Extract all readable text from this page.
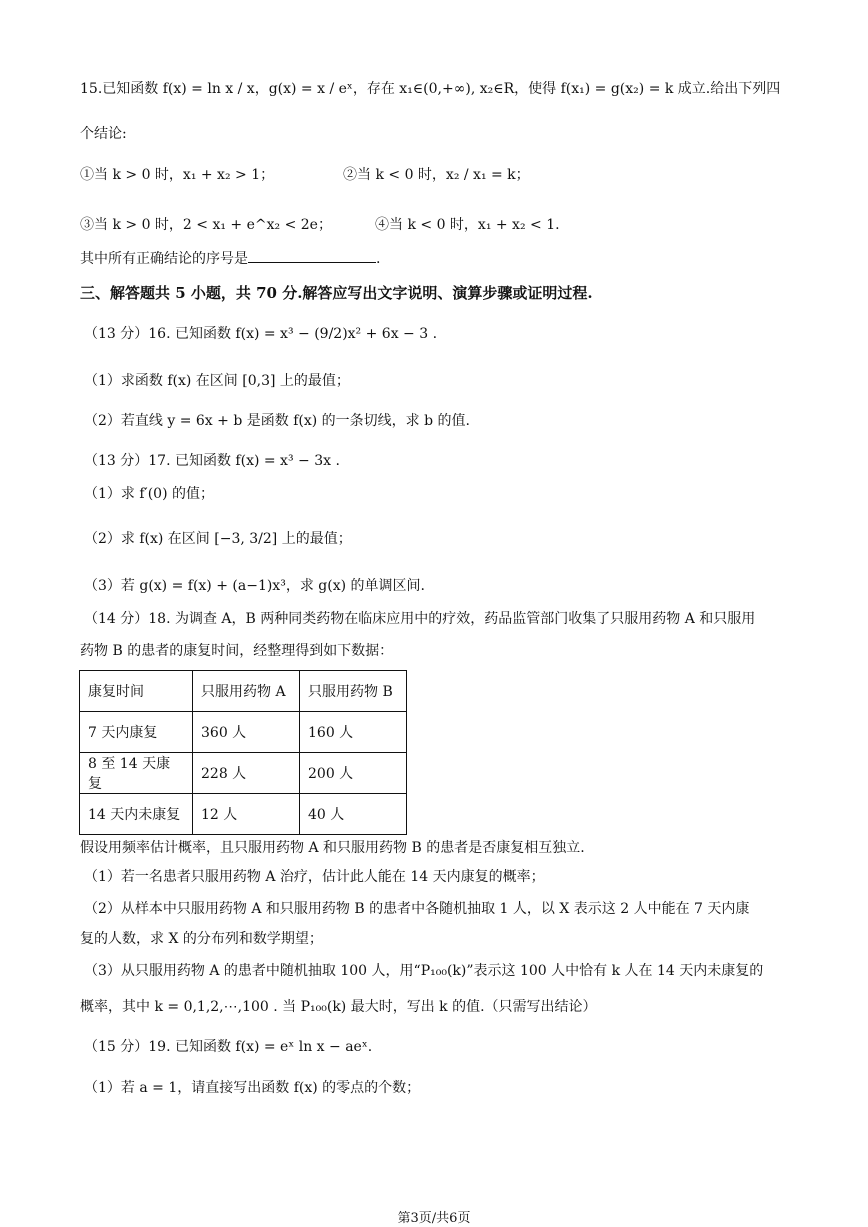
15.已知函数 f(x) = ln x / x，g(x) = x / eˣ，存在 x₁∈(0,+∞), x₂∈R，使得 f(x₁) = g(x₂) = k 成立.给出下列四
个结论:
①当 k > 0 时，x₁ + x₂ > 1；	②当 k < 0 时，x₂ / x₁ = k；
③当 k > 0 时，2 < x₁ + e^x₂ < 2e；	④当 k < 0 时，x₁ + x₂ < 1.
其中所有正确结论的序号是	.
三、解答题共 5 小题，共 70 分.解答应写出文字说明、演算步骤或证明过程.
（13 分）16. 已知函数 f(x) = x³ − (9/2)x² + 6x − 3 .
（1）求函数 f(x) 在区间 [0,3] 上的最值；
（2）若直线 y = 6x + b 是函数 f(x) 的一条切线，求 b 的值.
（13 分）17. 已知函数 f(x) = x³ − 3x .
（1）求 f′(0) 的值；
（2）求 f(x) 在区间 [−3, 3/2] 上的最值；
（3）若 g(x) = f(x) + (a−1)x³，求 g(x) 的单调区间.
（14 分）18. 为调查 A，B 两种同类药物在临床应用中的疗效，药品监管部门收集了只服用药物 A 和只服用
药物 B 的患者的康复时间，经整理得到如下数据：
康复时间	只服用药物 A	只服用药物 B
7 天内康复	360 人	160 人
8 至 14 天康复	228 人	200 人
14 天内未康复	12 人	40 人
假设用频率估计概率，且只服用药物 A 和只服用药物 B 的患者是否康复相互独立.
（1）若一名患者只服用药物 A 治疗，估计此人能在 14 天内康复的概率；
（2）从样本中只服用药物 A 和只服用药物 B 的患者中各随机抽取 1 人，以 X 表示这 2 人中能在 7 天内康
复的人数，求 X 的分布列和数学期望；
（3）从只服用药物 A 的患者中随机抽取 100 人，用“P₁₀₀(k)”表示这 100 人中恰有 k 人在 14 天内未康复的
概率，其中 k = 0,1,2,⋯,100 . 当 P₁₀₀(k) 最大时，写出 k 的值.（只需写出结论）
（15 分）19. 已知函数 f(x) = eˣ ln x − aeˣ.
（1）若 a = 1，请直接写出函数 f(x) 的零点的个数；
第3页/共6页
